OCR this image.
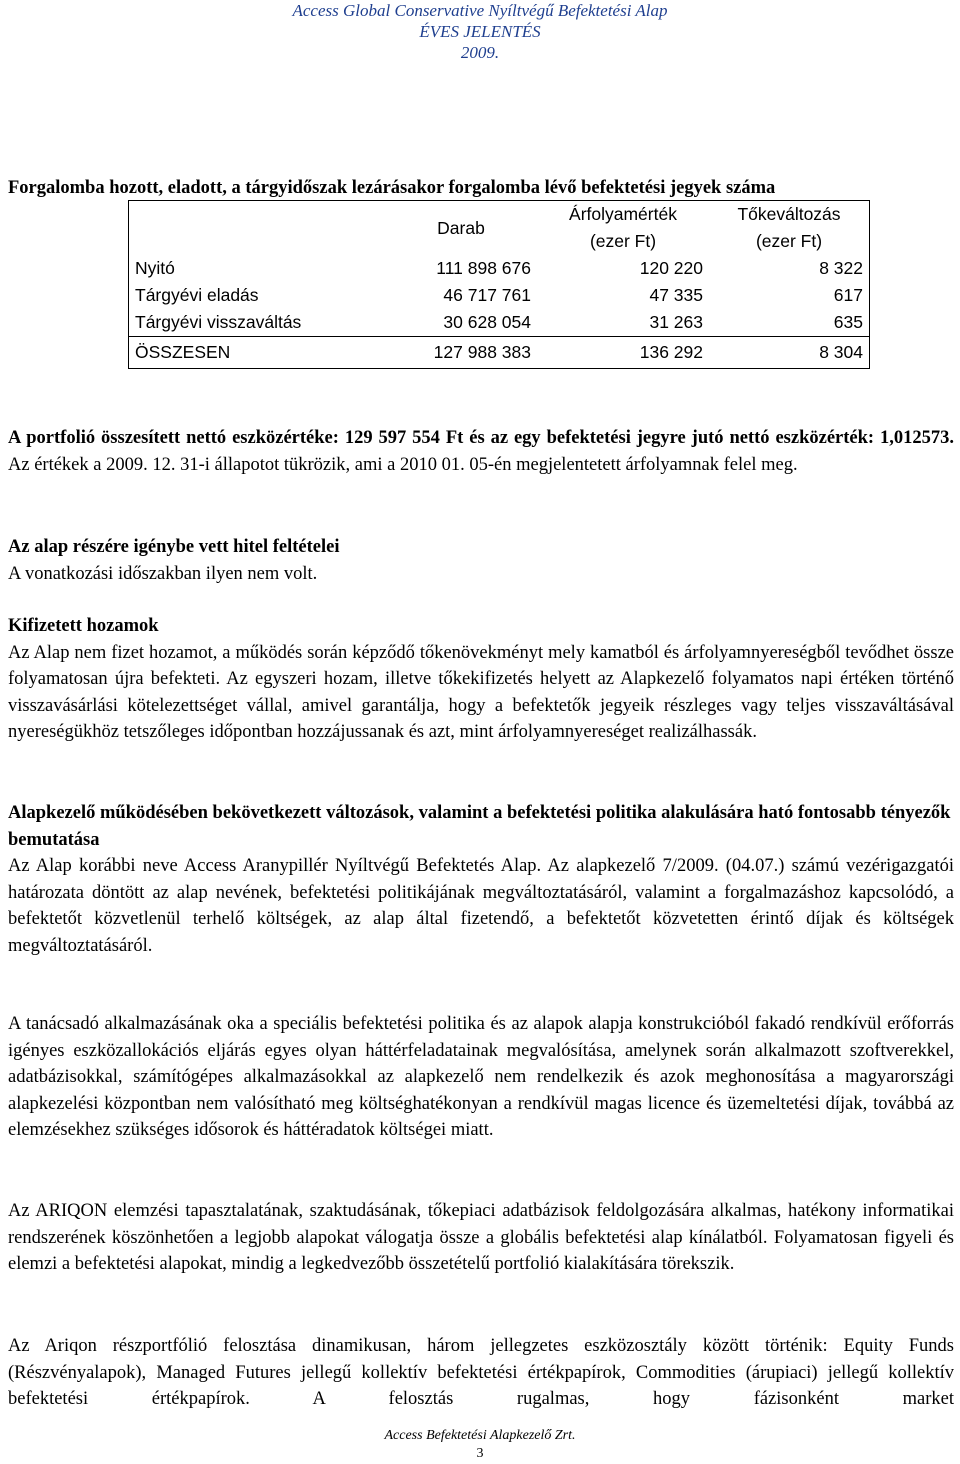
Access Global Conservative Nyíltvégű Befektetési Alap
ÉVES JELENTÉS
2009.
Forgalomba hozott, eladott, a tárgyidőszak lezárásakor forgalomba lévő befektetési jegyek száma
	Darab	Árfolyamérték	Tőkeváltozás
		(ezer Ft)	(ezer Ft)
Nyitó	111 898 676	120 220	8 322
Tárgyévi eladás	46 717 761	47 335	617
Tárgyévi visszaváltás	30 628 054	31 263	635
ÖSSZESEN	127 988 383	136 292	8 304

A portfolió összesített nettó eszközértéke: 129 597 554 Ft és az egy befektetési jegyre jutó nettó eszközérték: 1,012573. Az értékek a 2009. 12. 31-i állapotot tükrözik, ami a 2010 01. 05-én megjelentetett árfolyamnak felel meg.

Az alap részére igénybe vett hitel feltételei

A vonatkozási időszakban ilyen nem volt.

Kifizetett hozamok

Az Alap nem fizet hozamot, a működés során képződő tőkenövekményt mely kamatból és árfolyamnyereségből tevődhet össze folyamatosan újra befekteti. Az egyszeri hozam, illetve tőkekifizetés helyett az Alapkezelő folyamatos napi értéken történő visszavásárlási kötelezettséget vállal, amivel garantálja, hogy a befektetők jegyeik részleges vagy teljes visszaváltásával nyereségükhöz tetszőleges időpontban hozzájussanak és azt, mint árfolyamnyereséget realizálhassák.

Alapkezelő működésében bekövetkezett változások, valamint a befektetési politika alakulására ható fontosabb tényezők bemutatása

Az Alap korábbi neve Access Aranypillér Nyíltvégű Befektetés Alap. Az alapkezelő 7/2009. (04.07.) számú vezérigazgatói határozata döntött az alap nevének, befektetési politikájának megváltoztatásáról, valamint a forgalmazáshoz kapcsolódó, a befektetőt közvetlenül terhelő költségek, az alap által fizetendő, a befektetőt közvetetten érintő díjak és költségek megváltoztatásáról.

A tanácsadó alkalmazásának oka a speciális befektetési politika és az alapok alapja konstrukcióból fakadó rendkívül erőforrás igényes eszközallokációs eljárás egyes olyan háttérfeladatainak megvalósítása, amelynek során alkalmazott szoftverekkel, adatbázisokkal, számítógépes alkalmazásokkal az alapkezelő nem rendelkezik és azok meghonosítása a magyarországi alapkezelési központban nem valósítható meg költséghatékonyan a rendkívül magas licence és üzemeltetési díjak, továbbá az elemzésekhez szükséges idősorok és háttéradatok költségei miatt.

Az ARIQON elemzési tapasztalatának, szaktudásának, tőkepiaci adatbázisok feldolgozására alkalmas, hatékony informatikai rendszerének köszönhetően a legjobb alapokat válogatja össze a globális befektetési alap kínálatból. Folyamatosan figyeli és elemzi a befektetési alapokat, mindig a legkedvezőbb összetételű portfolió kialakítására törekszik.

Az Ariqon részportfólió felosztása dinamikusan, három jellegzetes eszközosztály között történik: Equity Funds (Részvényalapok), Managed Futures jellegű kollektív befektetési értékpapírok, Commodities (árupiaci) jellegű kollektív befektetési értékpapírok. A felosztás rugalmas, hogy fázisonként market

Access Befektetési Alapkezelő Zrt.
3
